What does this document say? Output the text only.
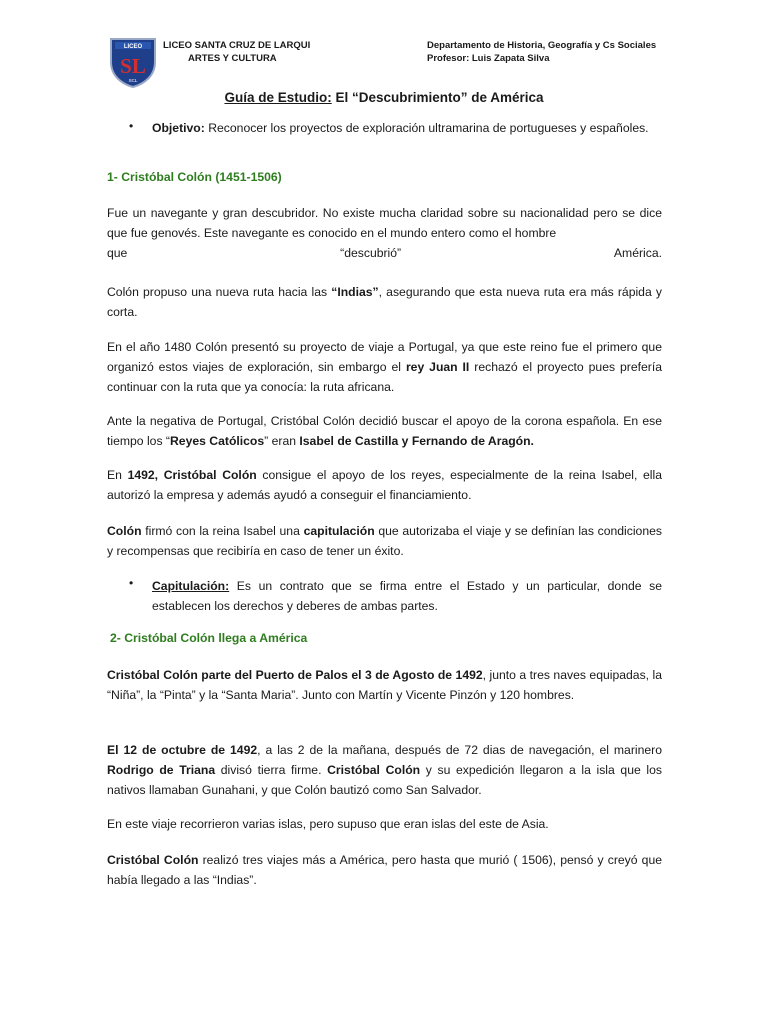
LICEO
SL
SCL
LICEO SANTA CRUZ DE LARQUI
ARTES Y CULTURA
Departamento de Historia, Geografía y Cs Sociales
Profesor: Luis Zapata Silva
Guía de Estudio: El “Descubrimiento” de América
•	Objetivo: Reconocer los proyectos de exploración ultramarina de portugueses y españoles.

1- Cristóbal Colón (1451-1506)

Fue un navegante y gran descubridor. No existe mucha claridad sobre su nacionalidad pero se dice que fue genovés. Este navegante es conocido en el mundo entero como el hombre

que	“descubrió”	América.

Colón propuso una nueva ruta hacia las “Indias”, asegurando que esta nueva ruta era más rápida y corta.

En el año 1480 Colón presentó su proyecto de viaje a Portugal, ya que este reino fue el primero que organizó estos viajes de exploración, sin embargo el rey Juan II rechazó el proyecto pues prefería continuar con la ruta que ya conocía: la ruta africana.

Ante la negativa de Portugal, Cristóbal Colón decidió buscar el apoyo de la corona española. En ese tiempo los “Reyes Católicos” eran Isabel de Castilla y Fernando de Aragón.

En 1492, Cristóbal Colón consigue el apoyo de los reyes, especialmente de la reina Isabel, ella autorizó la empresa y además ayudó a conseguir el financiamiento.

Colón firmó con la reina Isabel una capitulación que autorizaba el viaje y se definían las condiciones y recompensas que recibiría en caso de tener un éxito.

•	Capitulación: Es un contrato que se firma entre el Estado y un particular, donde se establecen los derechos y deberes de ambas partes.

2- Cristóbal Colón llega a América

Cristóbal Colón parte del Puerto de Palos el 3 de Agosto de 1492, junto a tres naves equipadas, la “Niña”, la “Pinta” y la “Santa Maria”. Junto con Martín y Vicente Pinzón y 120 hombres.

El 12 de octubre de 1492, a las 2 de la mañana, después de 72 dias de navegación, el marinero Rodrigo de Triana divisó tierra firme. Cristóbal Colón y su expedición llegaron a la isla que los nativos llamaban Gunahani, y que Colón bautizó como San Salvador.

En este viaje recorrieron varias islas, pero supuso que eran islas del este de Asia.

Cristóbal Colón realizó tres viajes más a América, pero hasta que murió ( 1506), pensó y creyó que había llegado a las “Indias”.
